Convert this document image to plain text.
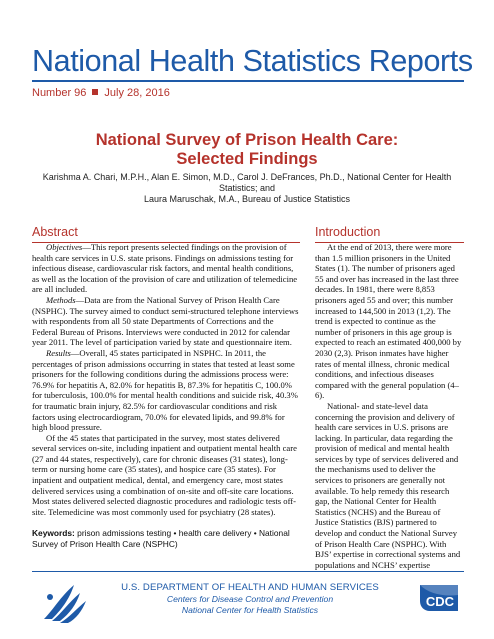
National Health Statistics Reports
Number 96 July 28, 2016
National Survey of Prison Health Care:
Selected Findings
Karishma A. Chari, M.P.H., Alan E. Simon, M.D., Carol J. DeFrances, Ph.D., National Center for Health Statistics; and
Laura Maruschak, M.A., Bureau of Justice Statistics
Abstract	Introduction

Objectives—This report presents selected findings on the provision of health care services in U.S. state prisons. Findings on admissions testing for infectious disease, cardiovascular risk factors, and mental health conditions, as well as the location of the provision of care and utilization of telemedicine are all included.

Methods—Data are from the National Survey of Prison Health Care (NSPHC). The survey aimed to conduct semi-structured telephone interviews with respondents from all 50 state Departments of Corrections and the Federal Bureau of Prisons. Interviews were conducted in 2012 for calendar year 2011. The level of participation varied by state and questionnaire item.

Results—Overall, 45 states participated in NSPHC. In 2011, the percentages of prison admissions occurring in states that tested at least some prisoners for the following conditions during the admissions process were: 76.9% for hepatitis A, 82.0% for hepatitis B, 87.3% for hepatitis C, 100.0% for tuberculosis, 100.0% for mental health conditions and suicide risk, 40.3% for traumatic brain injury, 82.5% for cardiovascular conditions and risk factors using electrocardiogram, 70.0% for elevated lipids, and 99.8% for high blood pressure.

Of the 45 states that participated in the survey, most states delivered several services on-site, including inpatient and outpatient mental health care (27 and 44 states, respectively), care for chronic diseases (31 states), long-term or nursing home care (35 states), and hospice care (35 states). For inpatient and outpatient medical, dental, and emergency care, most states delivered services using a combination of on-site and off-site care locations. Most states delivered selected diagnostic procedures and radiologic tests off-site. Telemedicine was most commonly used for psychiatry (28 states).

Keywords: prison admissions testing • health care delivery • National Survey of Prison Health Care (NSPHC)

At the end of 2013, there were more than 1.5 million prisoners in the United States (1). The number of prisoners aged 55 and over has increased in the last three decades. In 1981, there were 8,853 prisoners aged 55 and over; this number increased to 144,500 in 2013 (1,2). The trend is expected to continue as the number of prisoners in this age group is expected to reach an estimated 400,000 by 2030 (2,3). Prison inmates have higher rates of mental illness, chronic medical conditions, and infectious diseases compared with the general population (4–6).

National- and state-level data concerning the provision and delivery of health care services in U.S. prisons are lacking. In particular, data regarding the provision of medical and mental health services by type of services delivered and the mechanisms used to deliver the services to prisoners are generally not available. To help remedy this research gap, the National Center for Health Statistics (NCHS) and the Bureau of Justice Statistics (BJS) partnered to develop and conduct the National Survey of Prison Health Care (NSPHC). With BJS’ expertise in correctional systems and populations and NCHS’ expertise

U.S. DEPARTMENT OF HEALTH AND HUMAN SERVICES
Centers for Disease Control and Prevention
National Center for Health Statistics
CDC
